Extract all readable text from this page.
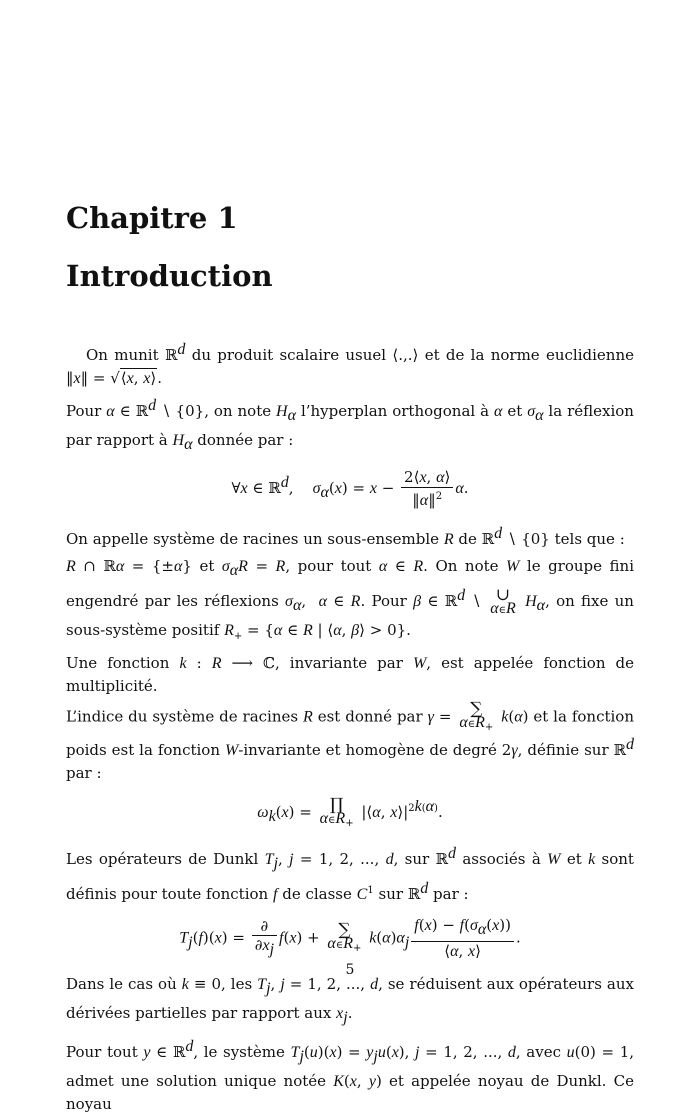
Chapitre 1
Introduction

On munit ℝ$^d$ du produit scalaire usuel ⟨.,.⟩ et de la norme euclidienne ‖x‖ = √⟨x, x⟩.

Pour α ∈ ℝ$^d$ ∖ {0}, on note $H_\alpha$ l’hyperplan orthogonal à α et $\sigma_\alpha$ la réflexion par rapport à $H_\alpha$ donnée par :

∀x ∈ ℝ$^d$,    $\sigma_\alpha(x) = x - \frac{2⟨x, \alpha⟩}{‖\alpha‖^2} \alpha$.

On appelle système de racines un sous-ensemble R de ℝ$^d$ ∖ {0} tels que :

R ∩ ℝα = {±α} et $\sigma_\alpha R = R$, pour tout α ∈ R. On note W le groupe fini engendré par les réflexions $\sigma_\alpha$,  α ∈ R. Pour β ∈ ℝ$^d$ ∖ ∪
α∈R $H_\alpha$, on fixe un sous-système positif $R_+ = \{\alpha$ ∈ R | ⟨α, β⟩ > 0}.

Une fonction k : R ⟶ ℂ, invariante par W, est appelée fonction de multiplicité.

L’indice du système de racines R est donné par γ = ∑
$\alpha\in R_+$
k(α) et la fonction poids est la fonction W-invariante et homogène de degré 2γ, définie sur ℝ$^d$ par :

$\omega_k(x)$ = ∏
$\alpha\in R_+$
|⟨α, $x⟩|^{2k(\alpha)}$.

Les opérateurs de Dunkl $T_j$, j = 1, 2, ..., d, sur ℝ$^d$ associés à W et k sont définis pour toute fonction f de classe $C^1$ sur ℝ$^d$ par :

$T_j(f)(x) = \frac{\partial}{\partial x_j} f(x)$ + ∑
$\alpha\in R_+$
$k(\alpha)\alpha_j \frac{f(x) - f(\sigma_\alpha(x))}{⟨\alpha, x⟩}$ .

Dans le cas où k ≡ 0, les $T_j$, j = 1, 2, ..., d, se réduisent aux opérateurs aux dérivées partielles par rapport aux $x_j$.

Pour tout y ∈ ℝ$^d$, le système $T_j(u)(x) = y_ju(x)$, j = 1, 2, ..., d, avec u(0) = 1, admet une solution unique notée K(x, y) et appelée noyau de Dunkl. Ce noyau

5
